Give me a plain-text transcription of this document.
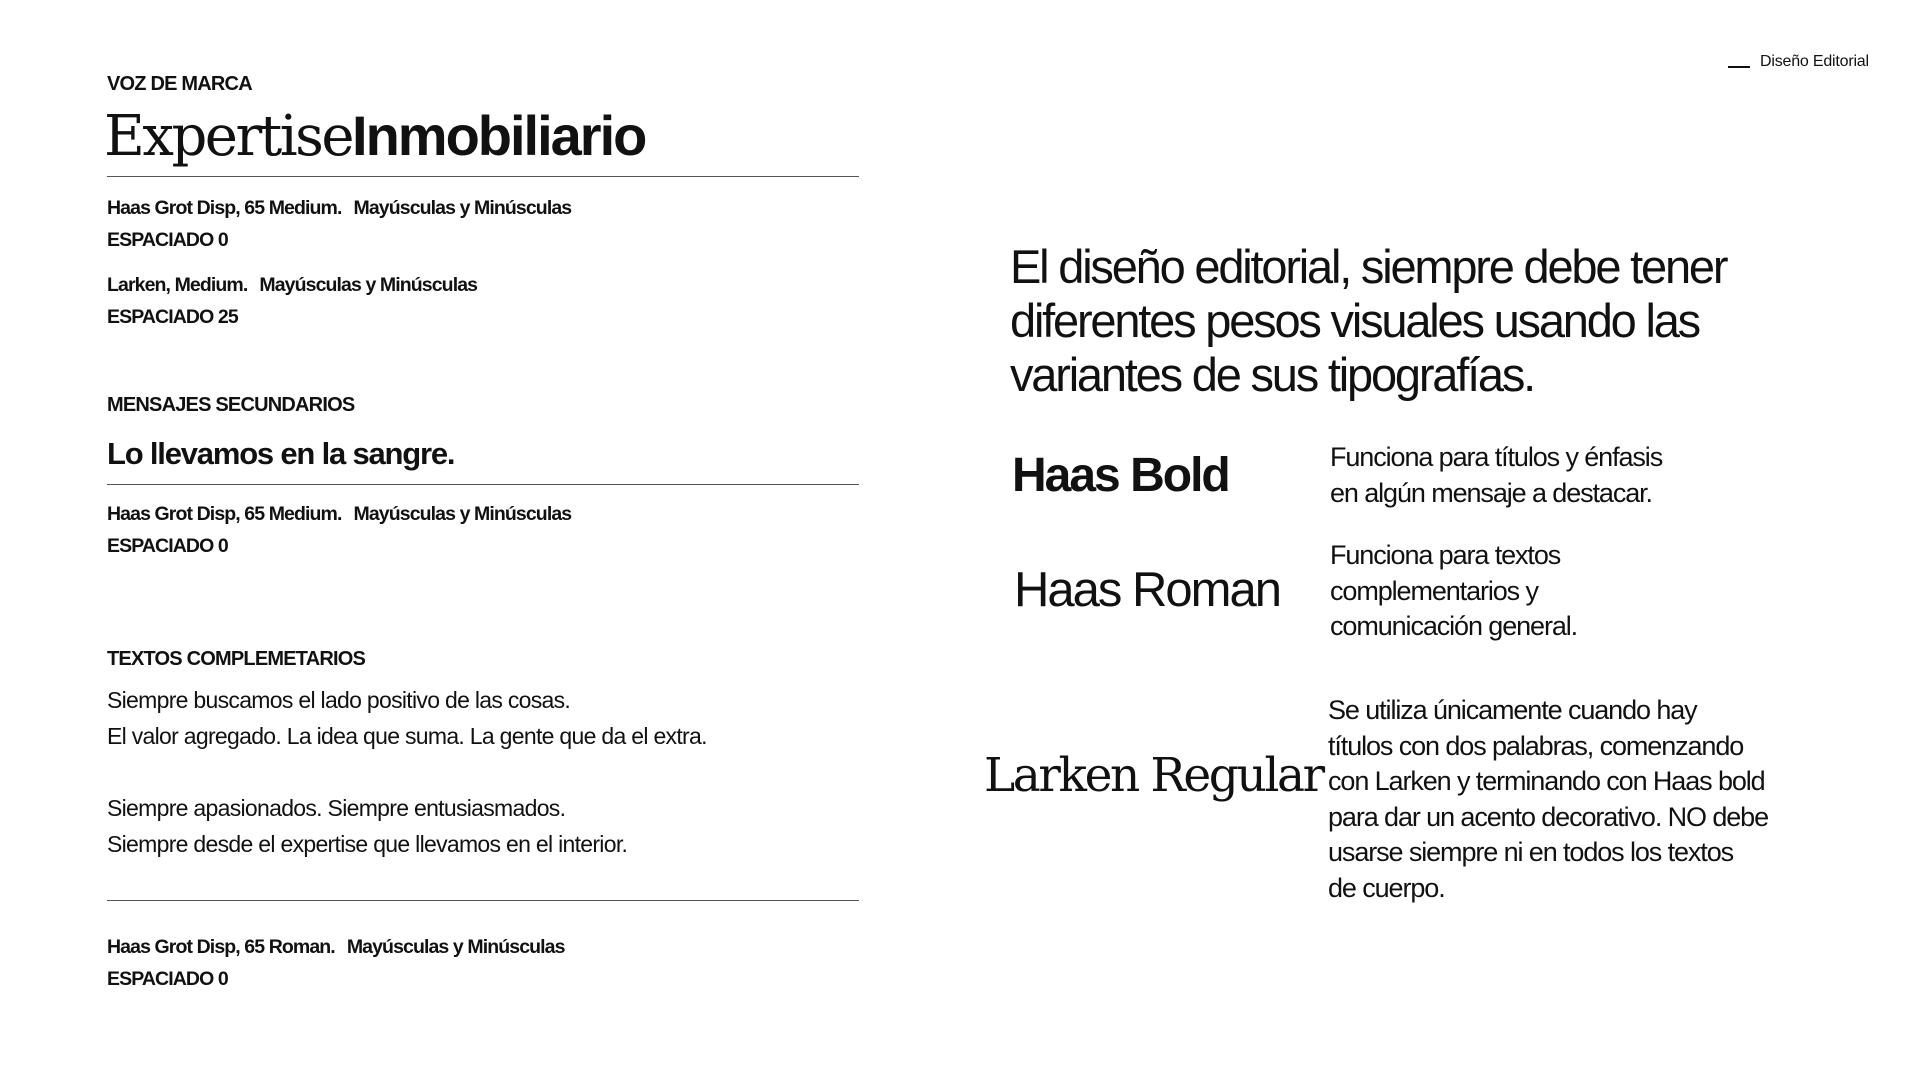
Diseño Editorial
VOZ DE MARCA
ExpertiseInmobiliario
Haas Grot Disp, 65 Medium. Mayúsculas y Minúsculas
ESPACIADO 0
Larken, Medium. Mayúsculas y Minúsculas
ESPACIADO 25
MENSAJES SECUNDARIOS
Lo llevamos en la sangre.
Haas Grot Disp, 65 Medium. Mayúsculas y Minúsculas
ESPACIADO 0
TEXTOS COMPLEMETARIOS
Siempre buscamos el lado positivo de las cosas.
El valor agregado. La idea que suma. La gente que da el extra.
Siempre apasionados. Siempre entusiasmados.
Siempre desde el expertise que llevamos en el interior.
Haas Grot Disp, 65 Roman. Mayúsculas y Minúsculas
ESPACIADO 0
El diseño editorial, siempre debe tener
diferentes pesos visuales usando las
variantes de sus tipografías.
Haas Bold	Funciona para títulos y énfasis
en algún mensaje a destacar.
Haas Roman
Funciona para textos
complementarios y
comunicación general.
Larken Regular
Se utiliza únicamente cuando hay
títulos con dos palabras, comenzando
con Larken y terminando con Haas bold
para dar un acento decorativo. NO debe
usarse siempre ni en todos los textos
de cuerpo.
